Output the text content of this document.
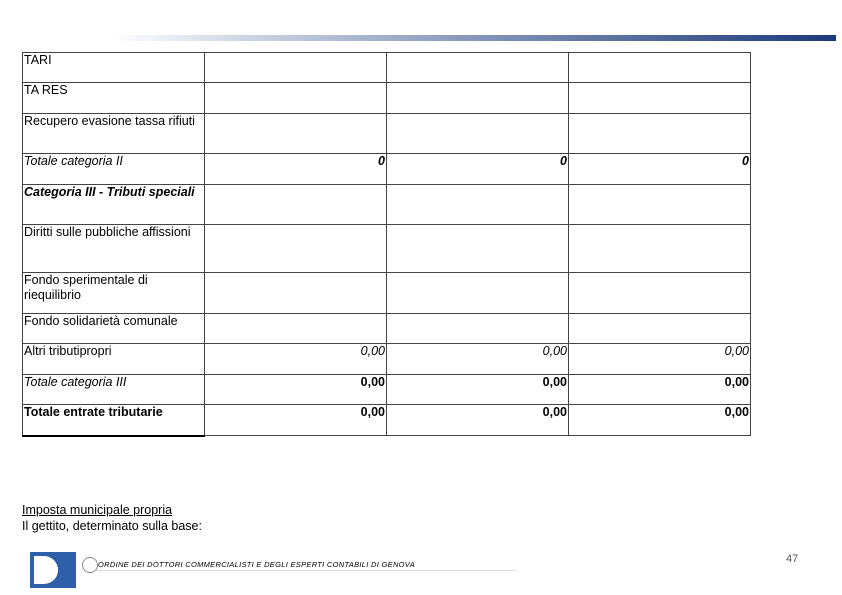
TARI			
TA RES			
Recupero evasione tassa rifiuti			
Totale categoria II	0	0	0
Categoria III - Tributi speciali			
Diritti sulle pubbliche affissioni			
Fondo sperimentale di riequilibrio			
Fondo solidarietà comunale			
Altri tributipropri	0,00	0,00	0,00
Totale categoria III	0,00	0,00	0,00
Totale entrate tributarie	0,00	0,00	0,00
Imposta municipale propria
Il gettito, determinato sulla base:
ORDINE DEI DOTTORI COMMERCIALISTI E DEGLI ESPERTI CONTABILI DI GENOVA	47
